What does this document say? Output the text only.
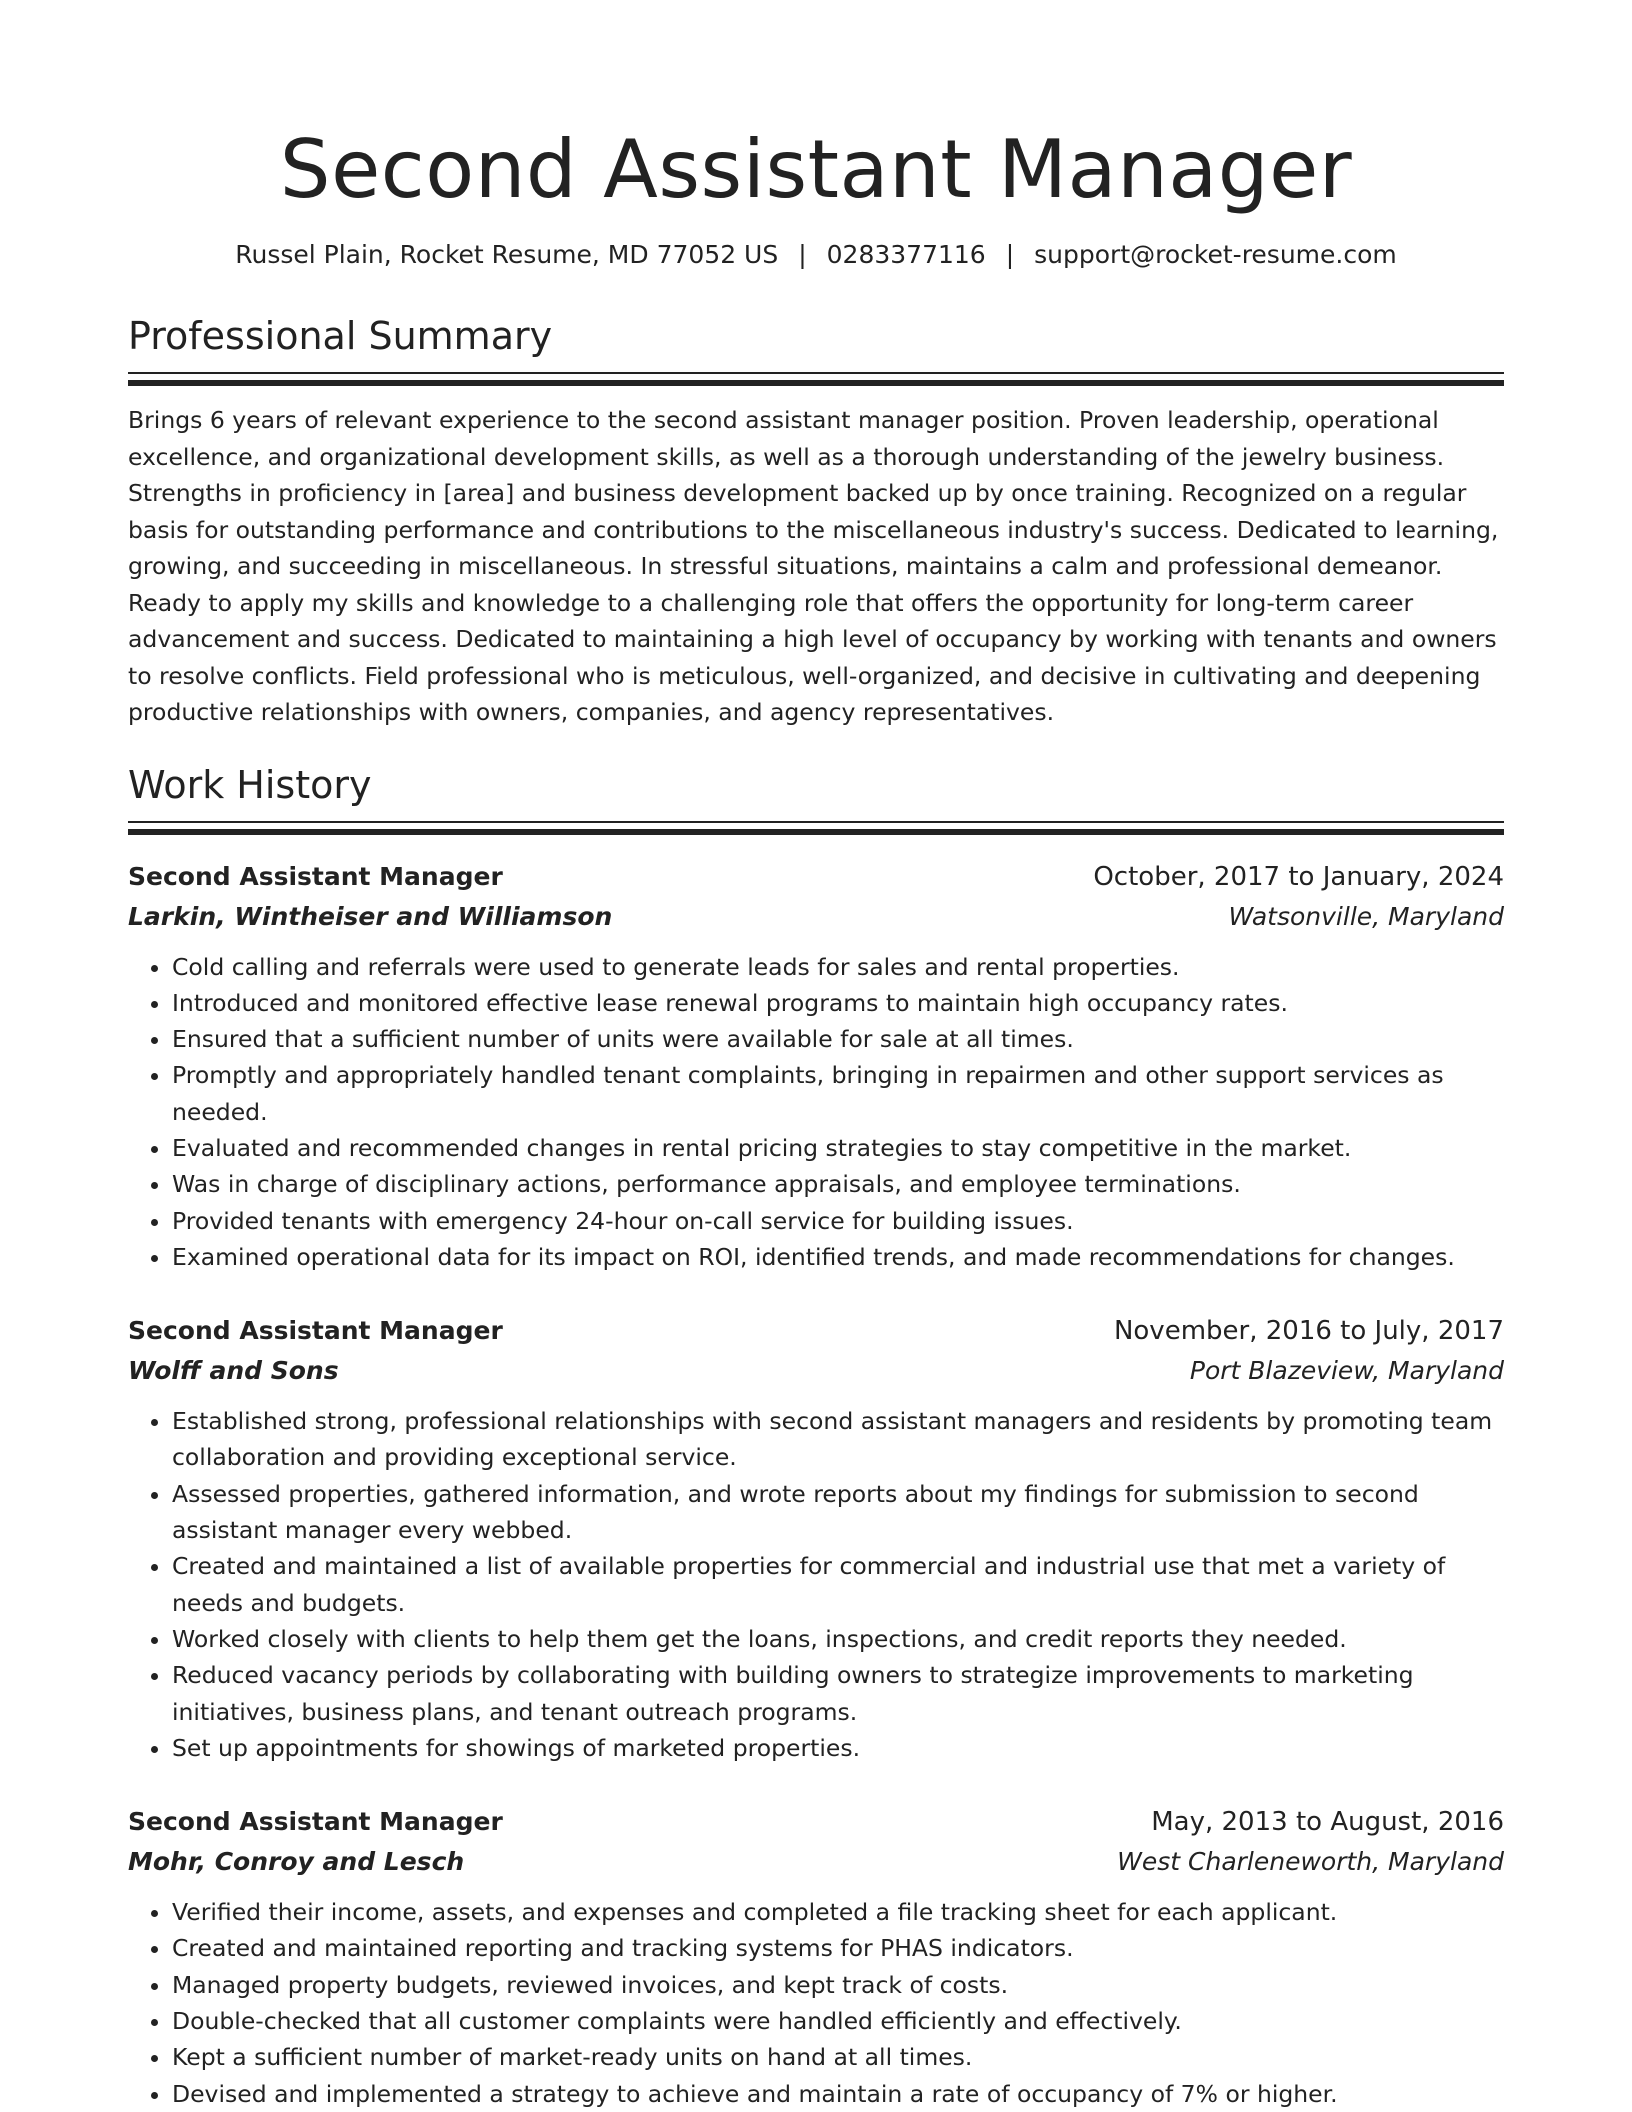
Second Assistant Manager
Russel Plain, Rocket Resume, MD 77052 US | 0283377116 | support@rocket-resume.com
Professional Summary

Brings 6 years of relevant experience to the second assistant manager position. Proven leadership, operational excellence, and organizational development skills, as well as a thorough understanding of the jewelry business. Strengths in proficiency in [area] and business development backed up by once training. Recognized on a regular basis for outstanding performance and contributions to the miscellaneous industry's success. Dedicated to learning, growing, and succeeding in miscellaneous. In stressful situations, maintains a calm and professional demeanor. Ready to apply my skills and knowledge to a challenging role that offers the opportunity for long-term career advancement and success. Dedicated to maintaining a high level of occupancy by working with tenants and owners to resolve conflicts. Field professional who is meticulous, well-organized, and decisive in cultivating and deepening productive relationships with owners, companies, and agency representatives.

Work History
Second Assistant Manager	October, 2017 to January, 2024
Larkin, Wintheiser and Williamson	Watsonville, Maryland
• Cold calling and referrals were used to generate leads for sales and rental properties.
• Introduced and monitored effective lease renewal programs to maintain high occupancy rates.
• Ensured that a sufficient number of units were available for sale at all times.
• Promptly and appropriately handled tenant complaints, bringing in repairmen and other support services as needed.
• Evaluated and recommended changes in rental pricing strategies to stay competitive in the market.
• Was in charge of disciplinary actions, performance appraisals, and employee terminations.
• Provided tenants with emergency 24-hour on-call service for building issues.
• Examined operational data for its impact on ROI, identified trends, and made recommendations for changes.
Second Assistant Manager	November, 2016 to July, 2017
Wolff and Sons	Port Blazeview, Maryland
• Established strong, professional relationships with second assistant managers and residents by promoting team collaboration and providing exceptional service.
• Assessed properties, gathered information, and wrote reports about my findings for submission to second assistant manager every webbed.
• Created and maintained a list of available properties for commercial and industrial use that met a variety of needs and budgets.
• Worked closely with clients to help them get the loans, inspections, and credit reports they needed.
• Reduced vacancy periods by collaborating with building owners to strategize improvements to marketing initiatives, business plans, and tenant outreach programs.
• Set up appointments for showings of marketed properties.
Second Assistant Manager	May, 2013 to August, 2016
Mohr, Conroy and Lesch	West Charleneworth, Maryland
• Verified their income, assets, and expenses and completed a file tracking sheet for each applicant.
• Created and maintained reporting and tracking systems for PHAS indicators.
• Managed property budgets, reviewed invoices, and kept track of costs.
• Double-checked that all customer complaints were handled efficiently and effectively.
• Kept a sufficient number of market-ready units on hand at all times.
• Devised and implemented a strategy to achieve and maintain a rate of occupancy of 7% or higher.
